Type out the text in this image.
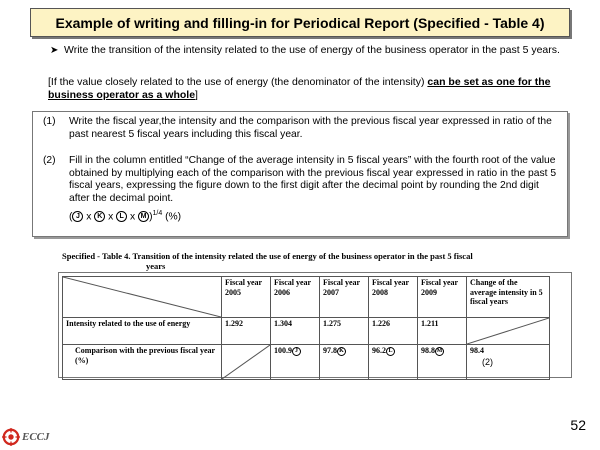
Example of writing and filling-in for Periodical Report (Specified - Table 4)
➤ Write the transition of the intensity related to the use of energy of the business operator in the past 5 years.
[If the value closely related to the use of energy (the denominator of the intensity) can be set as one for the business operator as a whole]
(1)	Write the fiscal year,the intensity and the comparison with the previous fiscal year expressed in ratio of the past nearest 5 fiscal years including this fiscal year.
(2)	Fill in the column entitled “Change of the average intensity in 5 fiscal years” with the fourth root of the value obtained by multiplying each of the comparison with the previous fiscal year expressed in ratio in the past 5 fiscal years, expressing the figure down to the first digit after the decimal point by rounding the 2nd digit after the decimal point.
( J x K x L x M )$^{1/4}$ (%)
Specified - Table 4. Transition of the intensity related the use of energy of the business operator in the past 5 fiscal
years
	Fiscal year 2005	Fiscal year 2006	Fiscal year 2007	Fiscal year 2008	Fiscal year 2009	Change of the average intensity in 5 fiscal years
Intensity related to the use of energy	1.292	1.304	1.275	1.226	1.211	

Comparison with the previous fiscal year (%)		100.9 J	97.8 K	96.2 L	98.8 M	98.4
(2)
52
ECCJ
